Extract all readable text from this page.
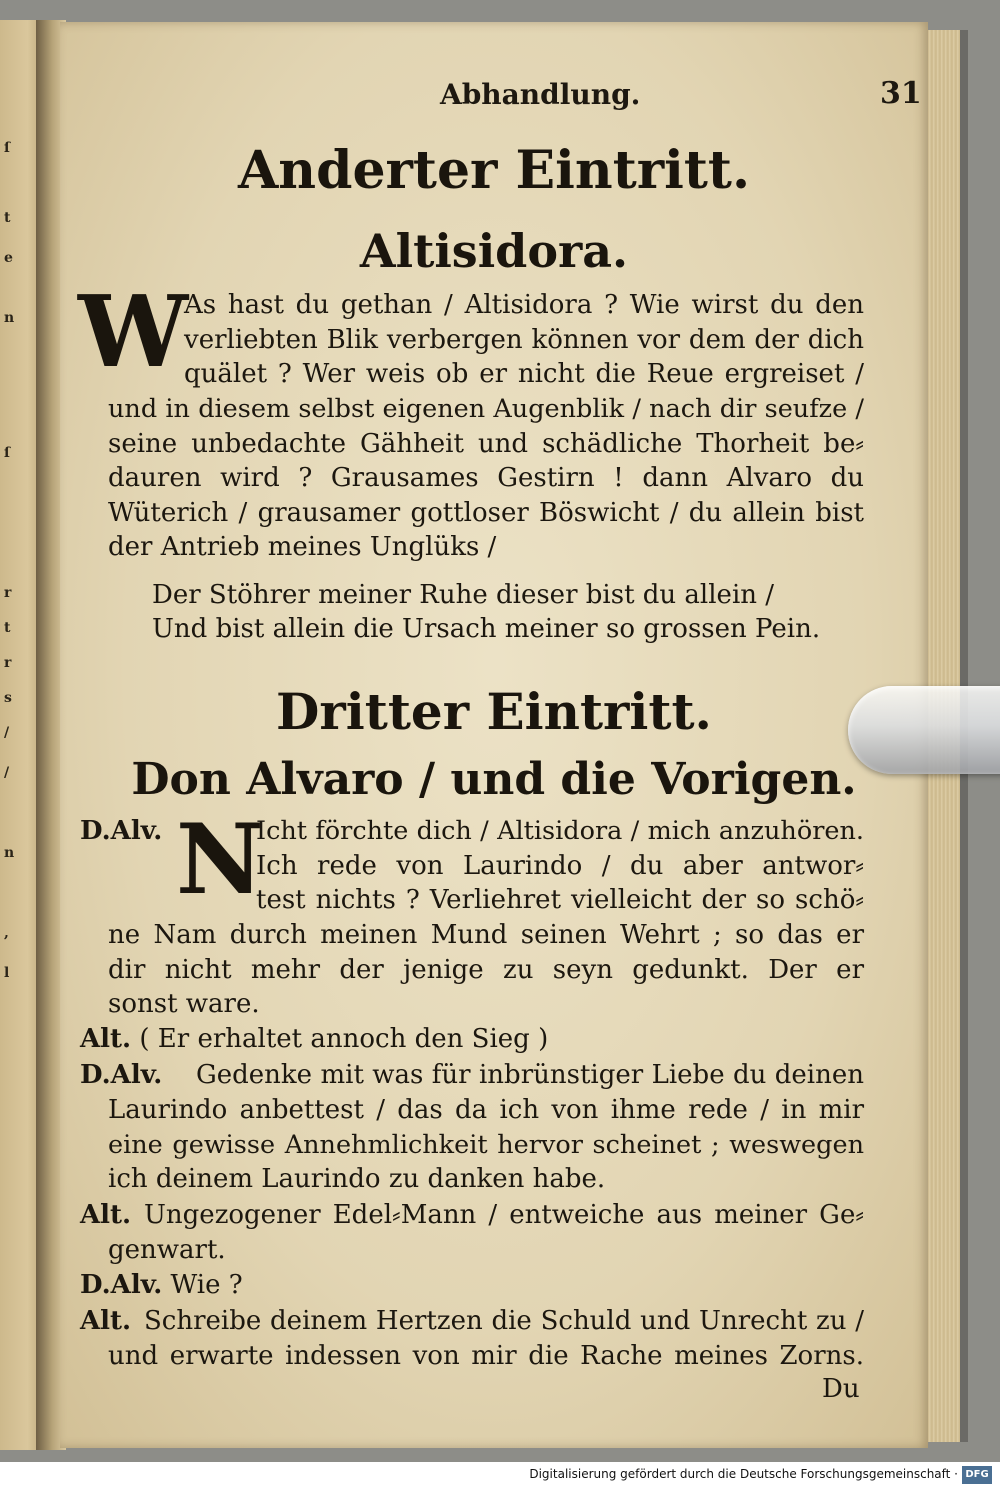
ſ
t
e
n
ſ
r
t
r
s
/
/
n
,
l
Abhandlung.	31
Anderter Eintritt.
Altisidora.
W
As hast du gethan / Altisidora ? Wie wirst du den
verliebten Blik verbergen können vor dem der dich
quälet ? Wer weis ob er nicht die Reue ergreiset /
und in diesem selbst eigenen Augenblik / nach dir seufze /
seine unbedachte Gähheit und schädliche Thorheit be⸗
dauren wird ? Grausames Gestirn ! dann Alvaro du
Wüterich / grausamer gottloser Böswicht / du allein bist
der Antrieb meines Unglüks /
Der Stöhrer meiner Ruhe dieser bist du allein /
Und bist allein die Ursach meiner so grossen Pein.
Dritter Eintritt.
Don Alvaro / und die Vorigen.
D.Alv. N
Icht förchte dich / Altisidora / mich anzuhören.
Ich rede von Laurindo / du aber antwor⸗
test nichts ? Verliehret vielleicht der so schö⸗
ne Nam durch meinen Mund seinen Wehrt ; so das er
dir nicht mehr der jenige zu seyn gedunkt. Der er
sonst ware.
Alt. ( Er erhaltet annoch den Sieg )
D.Alv. Gedenke mit was für inbrünstiger Liebe du deinen
Laurindo anbettest / das da ich von ihme rede / in mir
eine gewisse Annehmlichkeit hervor scheinet ; weswegen
ich deinem Laurindo zu danken habe.
Alt. Ungezogener Edel⸗Mann / entweiche aus meiner Ge⸗
genwart.
D.Alv. Wie ?
Alt. Schreibe deinem Hertzen die Schuld und Unrecht zu /
und erwarte indessen von mir die Rache meines Zorns.
Du
Digitalisierung gefördert durch die Deutsche Forschungsgemeinschaft · DFG
